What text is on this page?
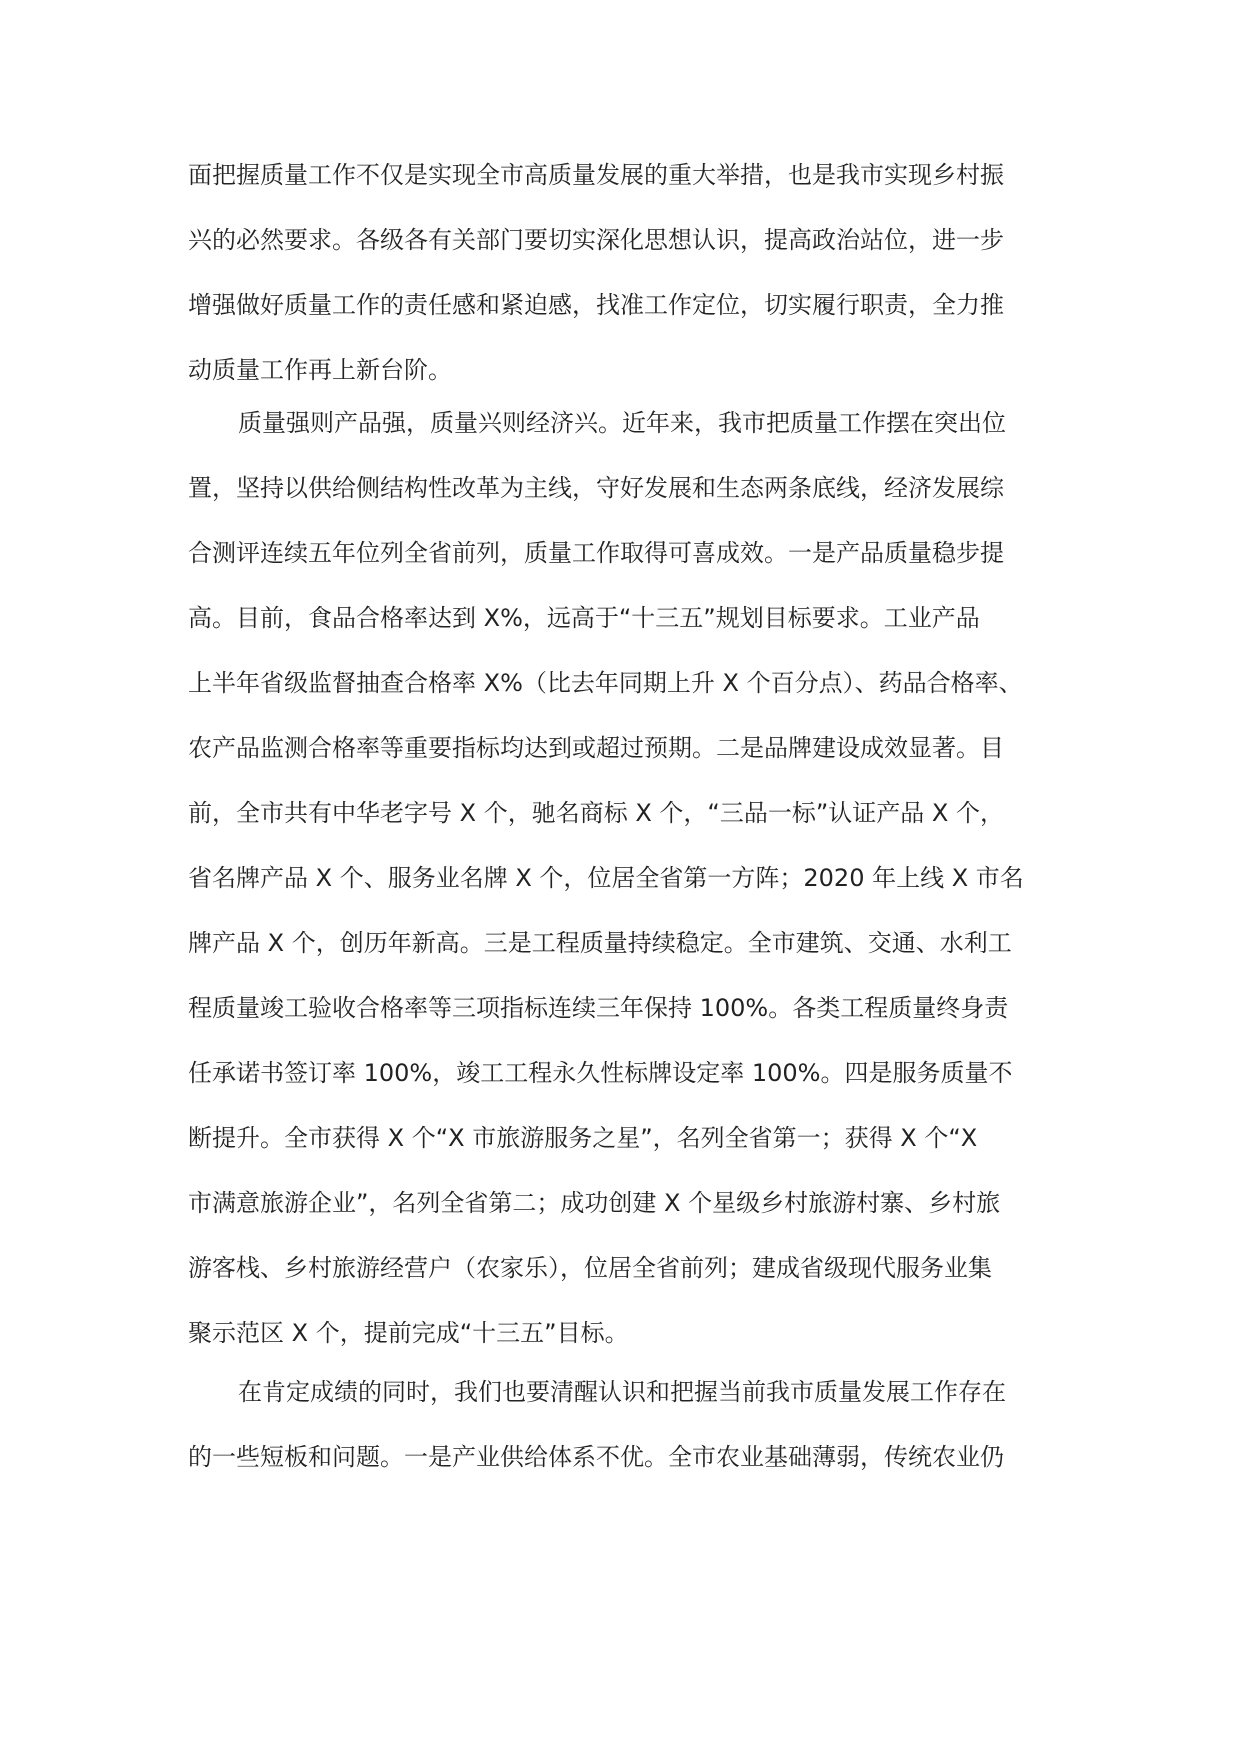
面把握质量工作不仅是实现全市高质量发展的重大举措，也是我市实现乡村振
兴的必然要求。各级各有关部门要切实深化思想认识，提高政治站位，进一步
增强做好质量工作的责任感和紧迫感，找准工作定位，切实履行职责，全力推
动质量工作再上新台阶。
质量强则产品强，质量兴则经济兴。近年来，我市把质量工作摆在突出位
置，坚持以供给侧结构性改革为主线，守好发展和生态两条底线，经济发展综
合测评连续五年位列全省前列，质量工作取得可喜成效。一是产品质量稳步提
高。目前，食品合格率达到 X%，远高于“十三五”规划目标要求。工业产品
上半年省级监督抽查合格率 X%（比去年同期上升 X 个百分点）、药品合格率、
农产品监测合格率等重要指标均达到或超过预期。二是品牌建设成效显著。目
前，全市共有中华老字号 X 个，驰名商标 X 个，“三品一标”认证产品 X 个，
省名牌产品 X 个、服务业名牌 X 个，位居全省第一方阵；2020 年上线 X 市名
牌产品 X 个，创历年新高。三是工程质量持续稳定。全市建筑、交通、水利工
程质量竣工验收合格率等三项指标连续三年保持 100%。各类工程质量终身责
任承诺书签订率 100%，竣工工程永久性标牌设定率 100%。四是服务质量不
断提升。全市获得 X 个“X 市旅游服务之星”，名列全省第一；获得 X 个“X
市满意旅游企业”，名列全省第二；成功创建 X 个星级乡村旅游村寨、乡村旅
游客栈、乡村旅游经营户（农家乐），位居全省前列；建成省级现代服务业集
聚示范区 X 个，提前完成“十三五”目标。
在肯定成绩的同时，我们也要清醒认识和把握当前我市质量发展工作存在
的一些短板和问题。一是产业供给体系不优。全市农业基础薄弱，传统农业仍
